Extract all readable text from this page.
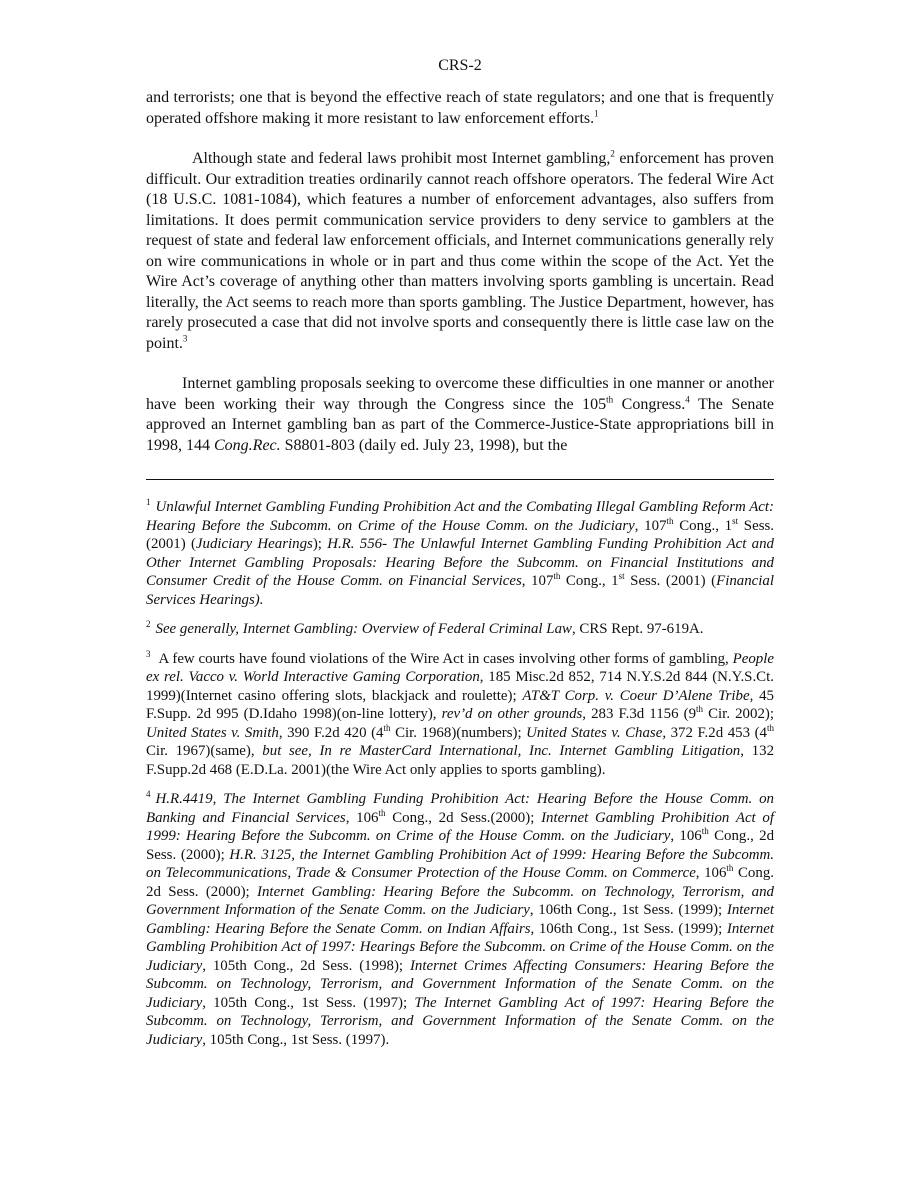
CRS-2

and terrorists; one that is beyond the effective reach of state regulators; and one that is frequently operated offshore making it more resistant to law enforcement efforts.$^1$

Although state and federal laws prohibit most Internet gambling,$^2$ enforcement has proven difficult. Our extradition treaties ordinarily cannot reach offshore operators. The federal Wire Act (18 U.S.C. 1081-1084), which features a number of enforcement advantages, also suffers from limitations. It does permit communication service providers to deny service to gamblers at the request of state and federal law enforcement officials, and Internet communications generally rely on wire communications in whole or in part and thus come within the scope of the Act. Yet the Wire Act’s coverage of anything other than matters involving sports gambling is uncertain. Read literally, the Act seems to reach more than sports gambling. The Justice Department, however, has rarely prosecuted a case that did not involve sports and consequently there is little case law on the point.$^3$

Internet gambling proposals seeking to overcome these difficulties in one manner or another have been working their way through the Congress since the 105th Congress.$^4$ The Senate approved an Internet gambling ban as part of the Commerce-Justice-State appropriations bill in 1998, 144 Cong.Rec. S8801-803 (daily ed. July 23, 1998), but the

$^1$ Unlawful Internet Gambling Funding Prohibition Act and the Combating Illegal Gambling Reform Act: Hearing Before the Subcomm. on Crime of the House Comm. on the Judiciary, 107th Cong., 1st Sess. (2001) (Judiciary Hearings); H.R. 556- The Unlawful Internet Gambling Funding Prohibition Act and Other Internet Gambling Proposals: Hearing Before the Subcomm. on Financial Institutions and Consumer Credit of the House Comm. on Financial Services, 107th Cong., 1st Sess. (2001) (Financial Services Hearings).

$^2$ See generally, Internet Gambling: Overview of Federal Criminal Law, CRS Rept. 97-619A.

$^3$ A few courts have found violations of the Wire Act in cases involving other forms of gambling, People ex rel. Vacco v. World Interactive Gaming Corporation, 185 Misc.2d 852, 714 N.Y.S.2d 844 (N.Y.S.Ct. 1999)(Internet casino offering slots, blackjack and roulette); AT&T Corp. v. Coeur D’Alene Tribe, 45 F.Supp. 2d 995 (D.Idaho 1998)(on-line lottery), rev’d on other grounds, 283 F.3d 1156 (9th Cir. 2002); United States v. Smith, 390 F.2d 420 (4th Cir. 1968)(numbers); United States v. Chase, 372 F.2d 453 (4th Cir. 1967)(same), but see, In re MasterCard International, Inc. Internet Gambling Litigation, 132 F.Supp.2d 468 (E.D.La. 2001)(the Wire Act only applies to sports gambling).

$^4$ H.R.4419, The Internet Gambling Funding Prohibition Act: Hearing Before the House Comm. on Banking and Financial Services, 106th Cong., 2d Sess.(2000); Internet Gambling Prohibition Act of 1999: Hearing Before the Subcomm. on Crime of the House Comm. on the Judiciary, 106th Cong., 2d Sess. (2000); H.R. 3125, the Internet Gambling Prohibition Act of 1999: Hearing Before the Subcomm. on Telecommunications, Trade & Consumer Protection of the House Comm. on Commerce, 106th Cong. 2d Sess. (2000); Internet Gambling: Hearing Before the Subcomm. on Technology, Terrorism, and Government Information of the Senate Comm. on the Judiciary, 106th Cong., 1st Sess. (1999); Internet Gambling: Hearing Before the Senate Comm. on Indian Affairs, 106th Cong., 1st Sess. (1999); Internet Gambling Prohibition Act of 1997: Hearings Before the Subcomm. on Crime of the House Comm. on the Judiciary, 105th Cong., 2d Sess. (1998); Internet Crimes Affecting Consumers: Hearing Before the Subcomm. on Technology, Terrorism, and Government Information of the Senate Comm. on the Judiciary, 105th Cong., 1st Sess. (1997); The Internet Gambling Act of 1997: Hearing Before the Subcomm. on Technology, Terrorism, and Government Information of the Senate Comm. on the Judiciary, 105th Cong., 1st Sess. (1997).
